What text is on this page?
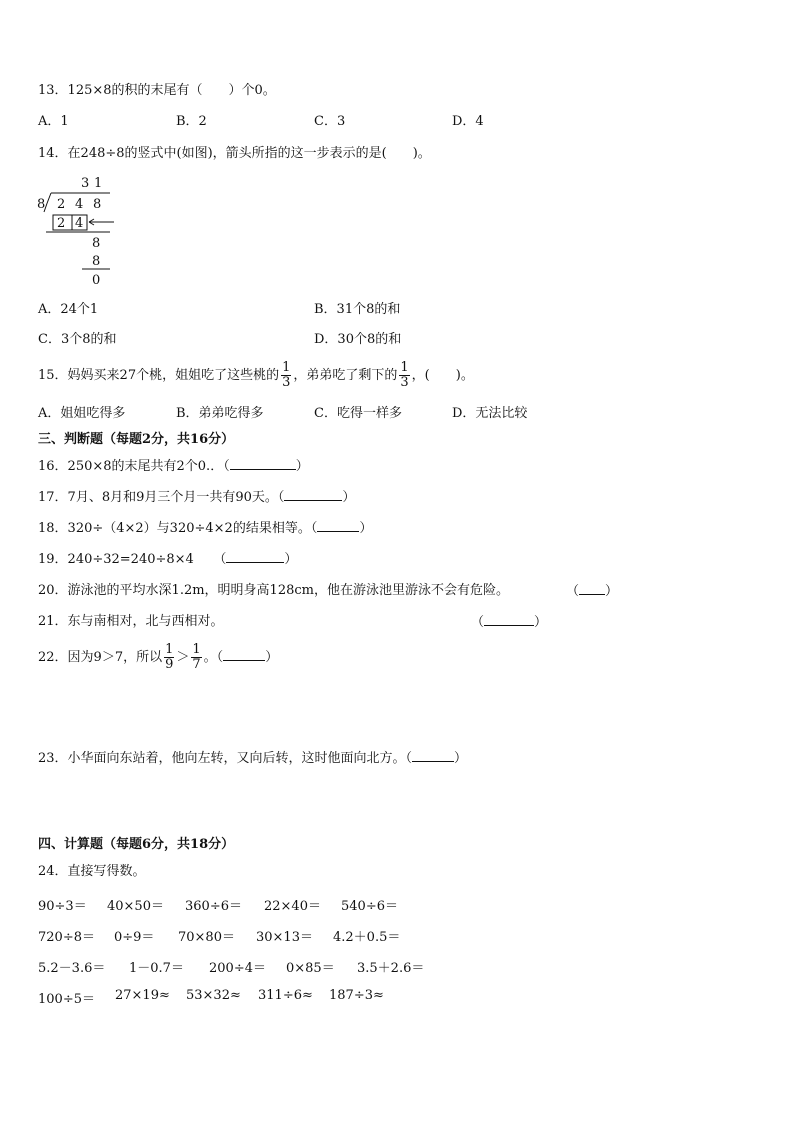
13．125×8的积的末尾有（　　）个0。
A．1	B．2	C．3	D．4
14．在248÷8的竖式中(如图)，箭头所指的这一步表示的是(　　)。
3 1
8 2 4 8
2 4
8
8
0
A．24个1	B．31个8的和
C．3个8的和	D．30个8的和
15．妈妈买来27个桃，姐姐吃了这些桃的 $\frac{1}{3}$ ，弟弟吃了剩下的 $\frac{1}{3}$ ，(　　)。
A．姐姐吃得多	B．弟弟吃得多	C．吃得一样多	D．无法比较
三、判断题（每题2分，共16分）
16．250×8的末尾共有2个0.．（	）
17．7月、8月和9月三个月一共有90天。（	）
18．320÷（4×2）与320÷4×2的结果相等。（	）
19．240÷32=240÷8×4　　（	）
20．游泳池的平均水深1.2m，明明身高128cm，他在游泳池里游泳不会有危险。	（ ）
21．东与南相对，北与西相对。	（	）
22．因为9＞7，所以 $\frac{1}{9} > \frac{1}{7}$ 。（	）
23．小华面向东站着，他向左转，又向后转，这时他面向北方。（	）
四、计算题（每题6分，共18分）
24．直接写得数。
90÷3＝ 40×50＝ 360÷6＝ 22×40＝ 540÷6＝
720÷8＝ 0÷9＝ 70×80＝ 30×13＝ 4.2＋0.5＝
5.2－3.6＝ 1－0.7＝ 200÷4＝ 0×85＝ 3.5＋2.6＝
100÷5＝ 27×19≈ 53×32≈ 311÷6≈ 187÷3≈
